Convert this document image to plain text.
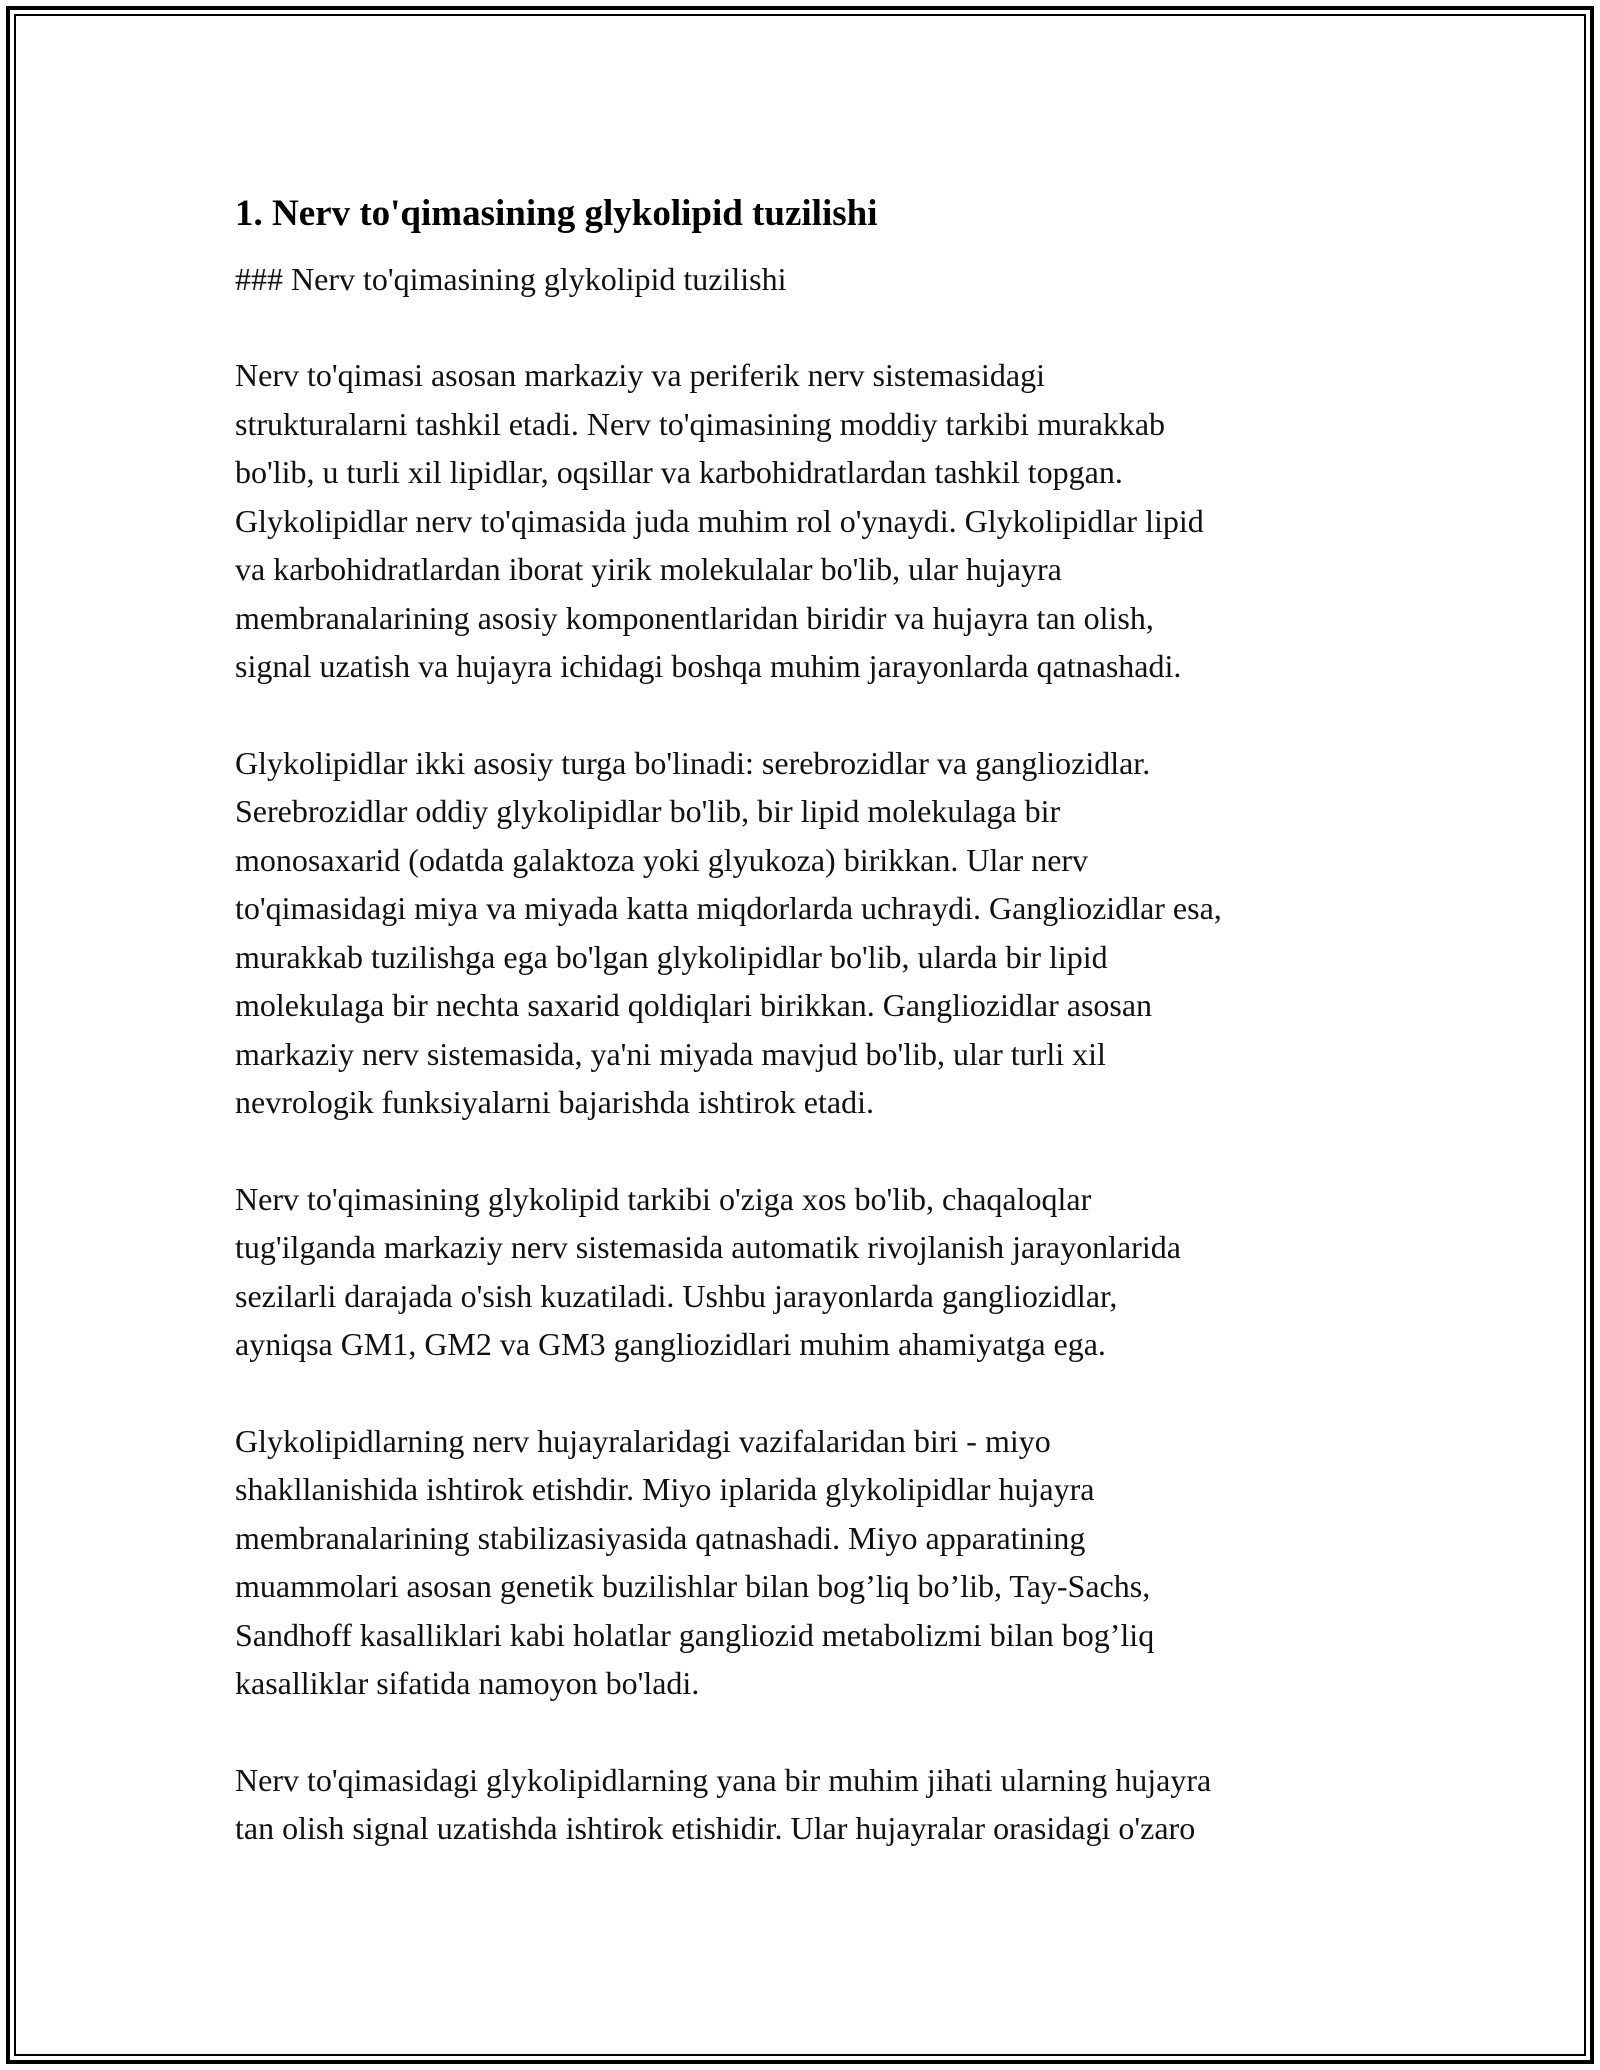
1. Nerv to'qimasining glykolipid tuzilishi
### Nerv to'qimasining glykolipid tuzilishi
Nerv to'qimasi asosan markaziy va periferik nerv sistemasidagi
strukturalarni tashkil etadi. Nerv to'qimasining moddiy tarkibi murakkab
bo'lib, u turli xil lipidlar, oqsillar va karbohidratlardan tashkil topgan.
Glykolipidlar nerv to'qimasida juda muhim rol o'ynaydi. Glykolipidlar lipid
va karbohidratlardan iborat yirik molekulalar bo'lib, ular hujayra
membranalarining asosiy komponentlaridan biridir va hujayra tan olish,
signal uzatish va hujayra ichidagi boshqa muhim jarayonlarda qatnashadi.
Glykolipidlar ikki asosiy turga bo'linadi: serebrozidlar va gangliozidlar.
Serebrozidlar oddiy glykolipidlar bo'lib, bir lipid molekulaga bir
monosaxarid (odatda galaktoza yoki glyukoza) birikkan. Ular nerv
to'qimasidagi miya va miyada katta miqdorlarda uchraydi. Gangliozidlar esa,
murakkab tuzilishga ega bo'lgan glykolipidlar bo'lib, ularda bir lipid
molekulaga bir nechta saxarid qoldiqlari birikkan. Gangliozidlar asosan
markaziy nerv sistemasida, ya'ni miyada mavjud bo'lib, ular turli xil
nevrologik funksiyalarni bajarishda ishtirok etadi.
Nerv to'qimasining glykolipid tarkibi o'ziga xos bo'lib, chaqaloqlar
tug'ilganda markaziy nerv sistemasida automatik rivojlanish jarayonlarida
sezilarli darajada o'sish kuzatiladi. Ushbu jarayonlarda gangliozidlar,
ayniqsa GM1, GM2 va GM3 gangliozidlari muhim ahamiyatga ega.
Glykolipidlarning nerv hujayralaridagi vazifalaridan biri - miyo
shakllanishida ishtirok etishdir. Miyo iplarida glykolipidlar hujayra
membranalarining stabilizasiyasida qatnashadi. Miyo apparatining
muammolari asosan genetik buzilishlar bilan bog’liq bo’lib, Tay-Sachs,
Sandhoff kasalliklari kabi holatlar gangliozid metabolizmi bilan bog’liq
kasalliklar sifatida namoyon bo'ladi.
Nerv to'qimasidagi glykolipidlarning yana bir muhim jihati ularning hujayra
tan olish signal uzatishda ishtirok etishidir. Ular hujayralar orasidagi o'zaro
